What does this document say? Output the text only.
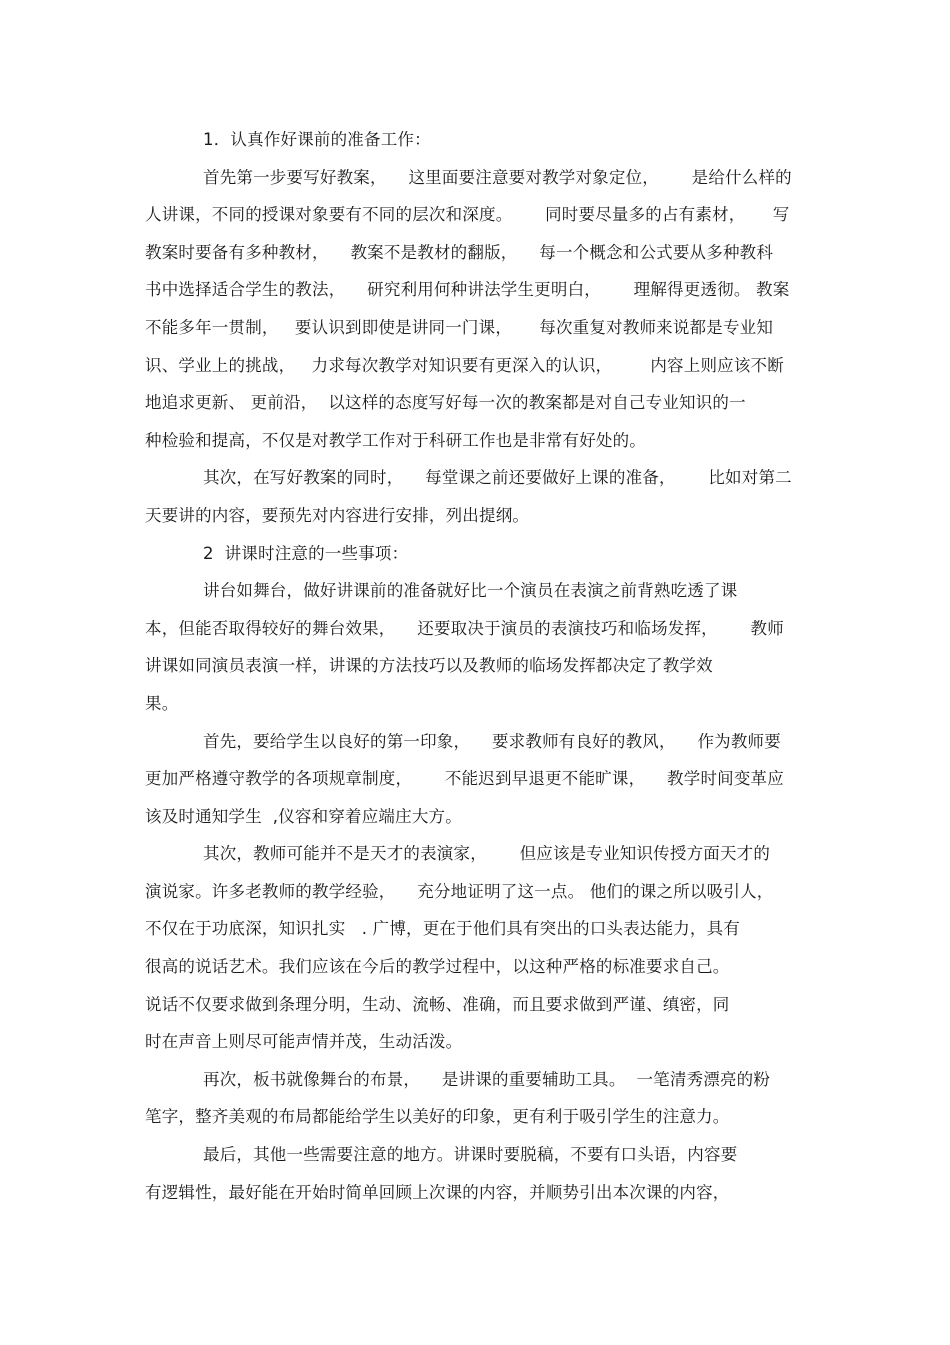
1．认真作好课前的准备工作：
首先第一步要写好教案，    这里面要注意要对教学对象定位，      是给什么样的
人讲课，不同的授课对象要有不同的层次和深度。      同时要尽量多的占有素材，     写
教案时要备有多种教材，    教案不是教材的翻版，    每一个概念和公式要从多种教科
书中选择适合学生的教法，    研究利用何种讲法学生更明白，      理解得更透彻。 教案
不能多年一贯制，   要认识到即使是讲同一门课，     每次重复对教师来说都是专业知
识、学业上的挑战，   力求每次教学对知识要有更深入的认识，       内容上则应该不断
地追求更新、 更前沿，  以这样的态度写好每一次的教案都是对自己专业知识的一
种检验和提高，不仅是对教学工作对于科研工作也是非常有好处的。
其次，在写好教案的同时，    每堂课之前还要做好上课的准备，      比如对第二
天要讲的内容，要预先对内容进行安排，列出提纲。
2  讲课时注意的一些事项：
讲台如舞台，做好讲课前的准备就好比一个演员在表演之前背熟吃透了课
本，但能否取得较好的舞台效果，    还要取决于演员的表演技巧和临场发挥，      教师
讲课如同演员表演一样，讲课的方法技巧以及教师的临场发挥都决定了教学效
果。
首先，要给学生以良好的第一印象，    要求教师有良好的教风，    作为教师要
更加严格遵守教学的各项规章制度，      不能迟到早退更不能旷课，    教学时间变革应
该及时通知学生  ,仪容和穿着应端庄大方。
其次，教师可能并不是天才的表演家，      但应该是专业知识传授方面天才的
演说家。许多老教师的教学经验，    充分地证明了这一点。 他们的课之所以吸引人，
不仅在于功底深，知识扎实   . 广博，更在于他们具有突出的口头表达能力，具有
很高的说话艺术。我们应该在今后的教学过程中，以这种严格的标准要求自己。
说话不仅要求做到条理分明，生动、流畅、准确，而且要求做到严谨、缜密，同
时在声音上则尽可能声情并茂，生动活泼。
再次，板书就像舞台的布景，    是讲课的重要辅助工具。  一笔清秀漂亮的粉
笔字，整齐美观的布局都能给学生以美好的印象，更有利于吸引学生的注意力。
最后，其他一些需要注意的地方。讲课时要脱稿，不要有口头语，内容要
有逻辑性，最好能在开始时简单回顾上次课的内容，并顺势引出本次课的内容，
